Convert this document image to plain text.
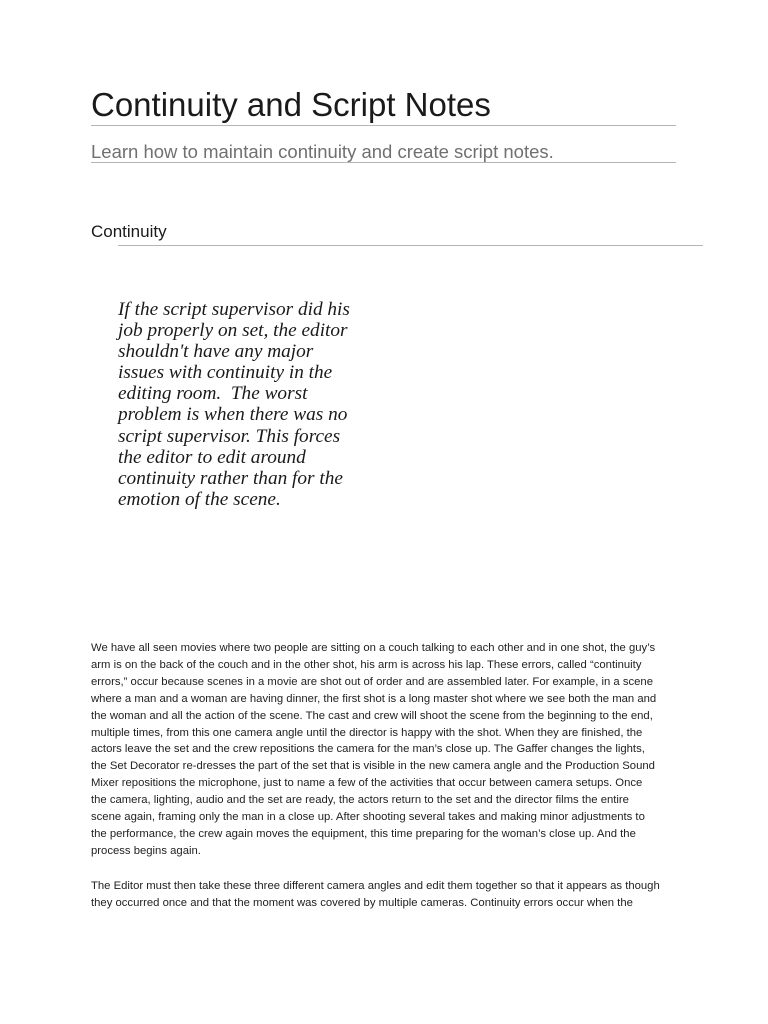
Continuity and Script Notes
Learn how to maintain continuity and create script notes.
Continuity

If the script supervisor did his job properly on set, the editor shouldn't have any major issues with continuity in the editing room.  The worst problem is when there was no script supervisor. This forces the editor to edit around continuity rather than for the emotion of the scene.

We have all seen movies where two people are sitting on a couch talking to each other and in one shot, the guy’s
arm is on the back of the couch and in the other shot, his arm is across his lap. These errors, called “continuity
errors,” occur because scenes in a movie are shot out of order and are assembled later. For example, in a scene
where a man and a woman are having dinner, the first shot is a long master shot where we see both the man and
the woman and all the action of the scene. The cast and crew will shoot the scene from the beginning to the end,
multiple times, from this one camera angle until the director is happy with the shot. When they are finished, the
actors leave the set and the crew repositions the camera for the man’s close up. The Gaffer changes the lights,
the Set Decorator re-dresses the part of the set that is visible in the new camera angle and the Production Sound
Mixer repositions the microphone, just to name a few of the activities that occur between camera setups. Once
the camera, lighting, audio and the set are ready, the actors return to the set and the director films the entire
scene again, framing only the man in a close up. After shooting several takes and making minor adjustments to
the performance, the crew again moves the equipment, this time preparing for the woman’s close up. And the
process begins again.
The Editor must then take these three different camera angles and edit them together so that it appears as though
they occurred once and that the moment was covered by multiple cameras. Continuity errors occur when the
